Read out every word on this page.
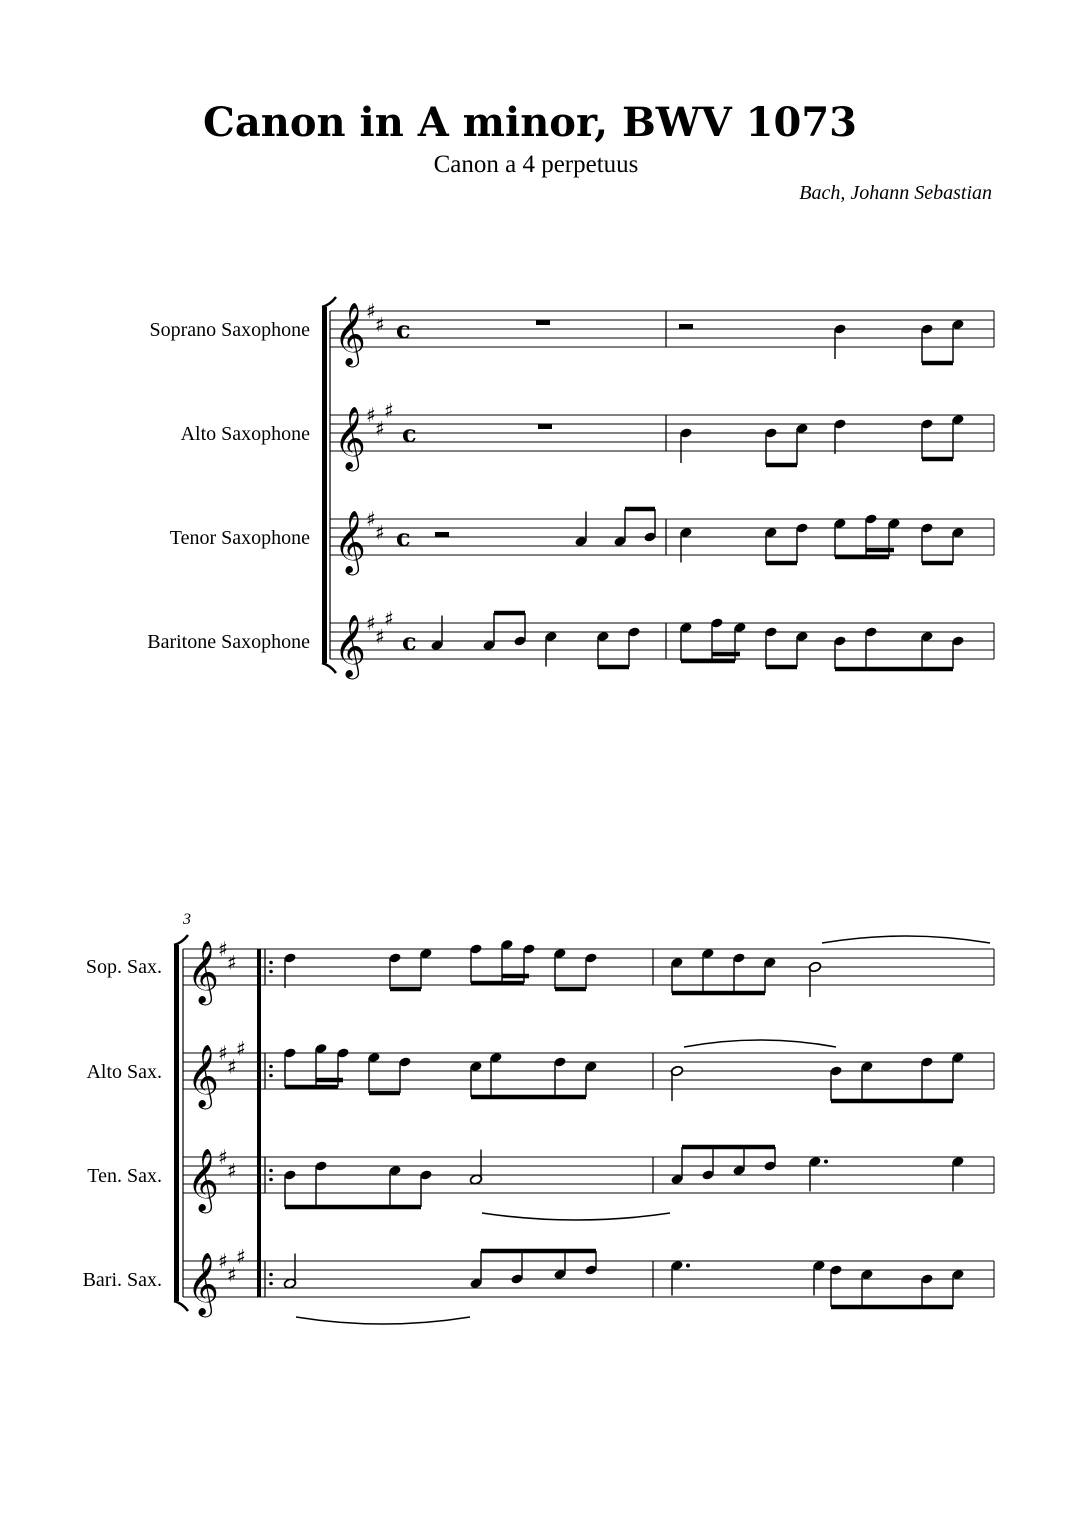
Canon in A minor, BWV 1073
Canon a 4 perpetuus
Bach, Johann Sebastian
Soprano Saxophone
Alto Saxophone
Tenor Saxophone
Baritone Saxophone
𝄞 ♯
♯ c
𝄞 ♯
♯
♯
c
𝄞 ♯
♯ c
𝄞 ♯
♯
♯
c
3
Sop. Sax.
Alto Sax.
Ten. Sax.
Bari. Sax.
𝄞 ♯
♯
𝄞 ♯
♯
♯
𝄞 ♯
♯
𝄞 ♯
♯
♯
